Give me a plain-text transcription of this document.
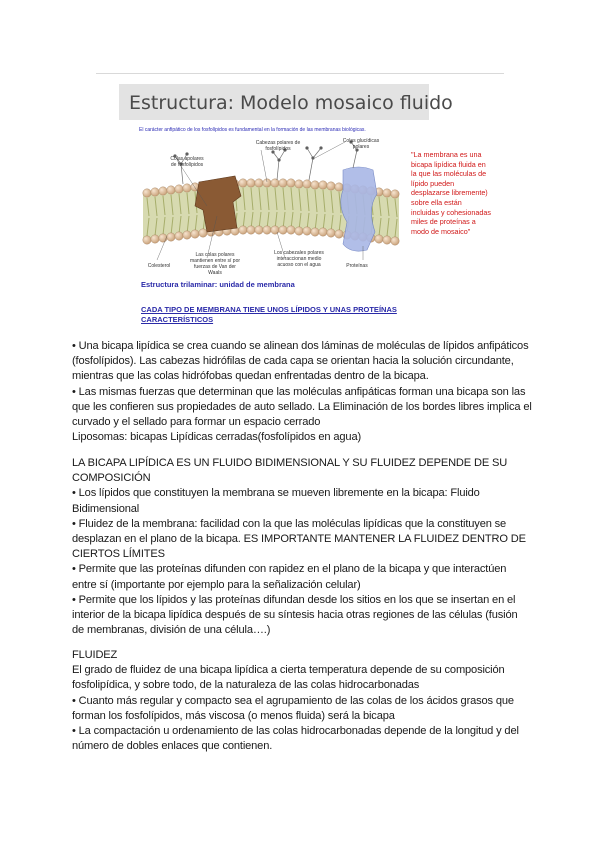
Estructura: Modelo mosaico fluido
El carácter anfipático de los fosfolípidos es fundamental en la formación de las membranas biológicas.
Colas apolares de fosfolípidos
Cabezas polares de fosfolípidos
Colas glucídicas polares
Colesterol
Las colas polares mantienen entre sí por fuerzas de Van der Waals
Los cabezales polares interaccionan medio acuoso con el agua	Proteínas
"La membrana es una bicapa lipídica fluida en la que las moléculas de lípido pueden desplazarse libremente) sobre ella están incluidas y cohesionadas miles de proteínas a modo de mosaico"
Estructura trilaminar: unidad de membrana
CADA TIPO DE MEMBRANA TIENE UNOS LÍPIDOS Y UNAS PROTEÍNAS CARACTERÍSTICOS

• Una bicapa lipídica se crea cuando se alinean dos láminas de moléculas de lípidos anfipáticos (fosfolípidos). Las cabezas hidrófilas de cada capa se orientan hacia la solución circundante, mientras que las colas hidrófobas quedan enfrentadas dentro de la bicapa.

• Las mismas fuerzas que determinan que las moléculas anfipáticas forman una bicapa son las que les confieren sus propiedades de auto sellado. La Eliminación de los bordes libres implica el curvado y el sellado para formar un espacio cerrado

Liposomas: bicapas Lipídicas cerradas(fosfolípidos en agua)

LA BICAPA LIPÍDICA ES UN FLUIDO BIDIMENSIONAL Y SU FLUIDEZ DEPENDE DE SU COMPOSICIÓN

• Los lípidos que constituyen la membrana se mueven libremente en la bicapa: Fluido Bidimensional

• Fluidez de la membrana: facilidad con la que las moléculas lipídicas que la constituyen se desplazan en el plano de la bicapa. ES IMPORTANTE MANTENER LA FLUIDEZ DENTRO DE CIERTOS LÍMITES

• Permite que las proteínas difunden con rapidez en el plano de la bicapa y que interactúen entre sí (importante por ejemplo para la señalización celular)

• Permite que los lípidos y las proteínas difundan desde los sitios en los que se insertan en el interior de la bicapa lipídica después de su síntesis hacia otras regiones de las células (fusión de membranas, división de una célula….)

FLUIDEZ

El grado de fluidez de una bicapa lipídica a cierta temperatura depende de su composición fosfolipídica, y sobre todo, de la naturaleza de las colas hidrocarbonadas

• Cuanto más regular y compacto sea el agrupamiento de las colas de los ácidos grasos que forman los fosfolípidos, más viscosa (o menos fluida) será la bicapa

• La compactación u ordenamiento de las colas hidrocarbonadas depende de la longitud y del número de dobles enlaces que contienen.
